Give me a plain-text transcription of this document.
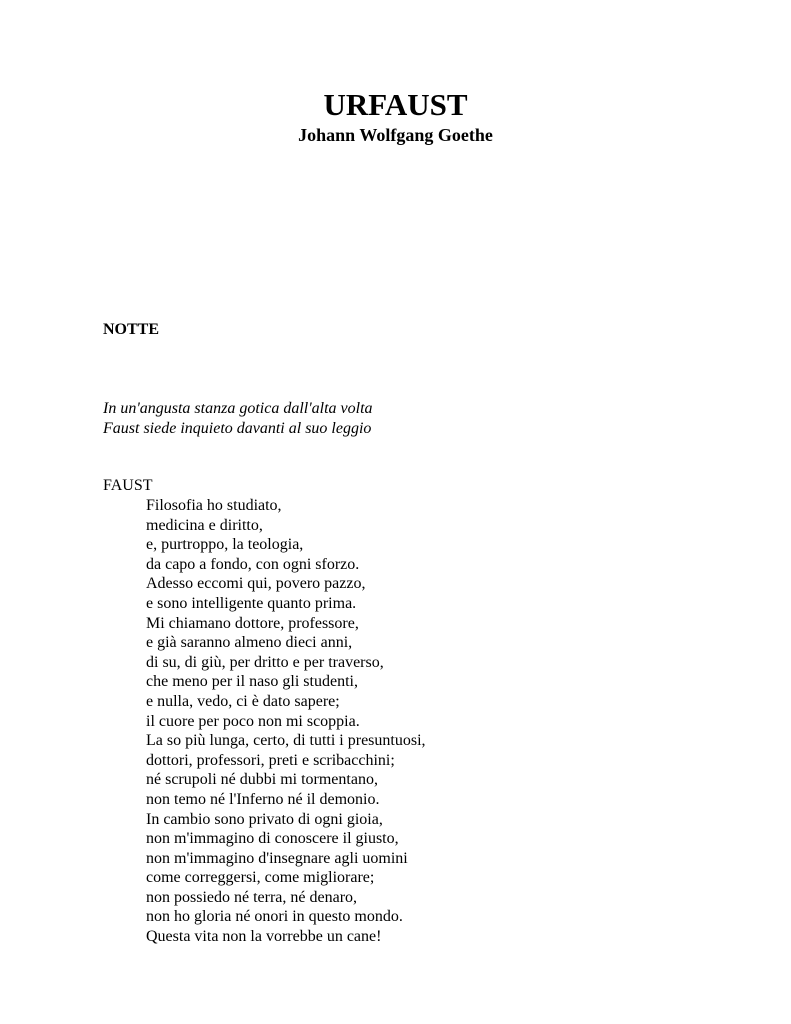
URFAUST
Johann Wolfgang Goethe
NOTTE
In un'angusta stanza gotica dall'alta volta
Faust siede inquieto davanti al suo leggio
FAUST
Filosofia ho studiato,
medicina e diritto,
e, purtroppo, la teologia,
da capo a fondo, con ogni sforzo.
Adesso eccomi qui, povero pazzo,
e sono intelligente quanto prima.
Mi chiamano dottore, professore,
e già saranno almeno dieci anni,
di su, di giù, per dritto e per traverso,
che meno per il naso gli studenti,
e nulla, vedo, ci è dato sapere;
il cuore per poco non mi scoppia.
La so più lunga, certo, di tutti i presuntuosi,
dottori, professori, preti e scribacchini;
né scrupoli né dubbi mi tormentano,
non temo né l'Inferno né il demonio.
In cambio sono privato di ogni gioia,
non m'immagino di conoscere il giusto,
non m'immagino d'insegnare agli uomini
come correggersi, come migliorare;
non possiedo né terra, né denaro,
non ho gloria né onori in questo mondo.
Questa vita non la vorrebbe un cane!
